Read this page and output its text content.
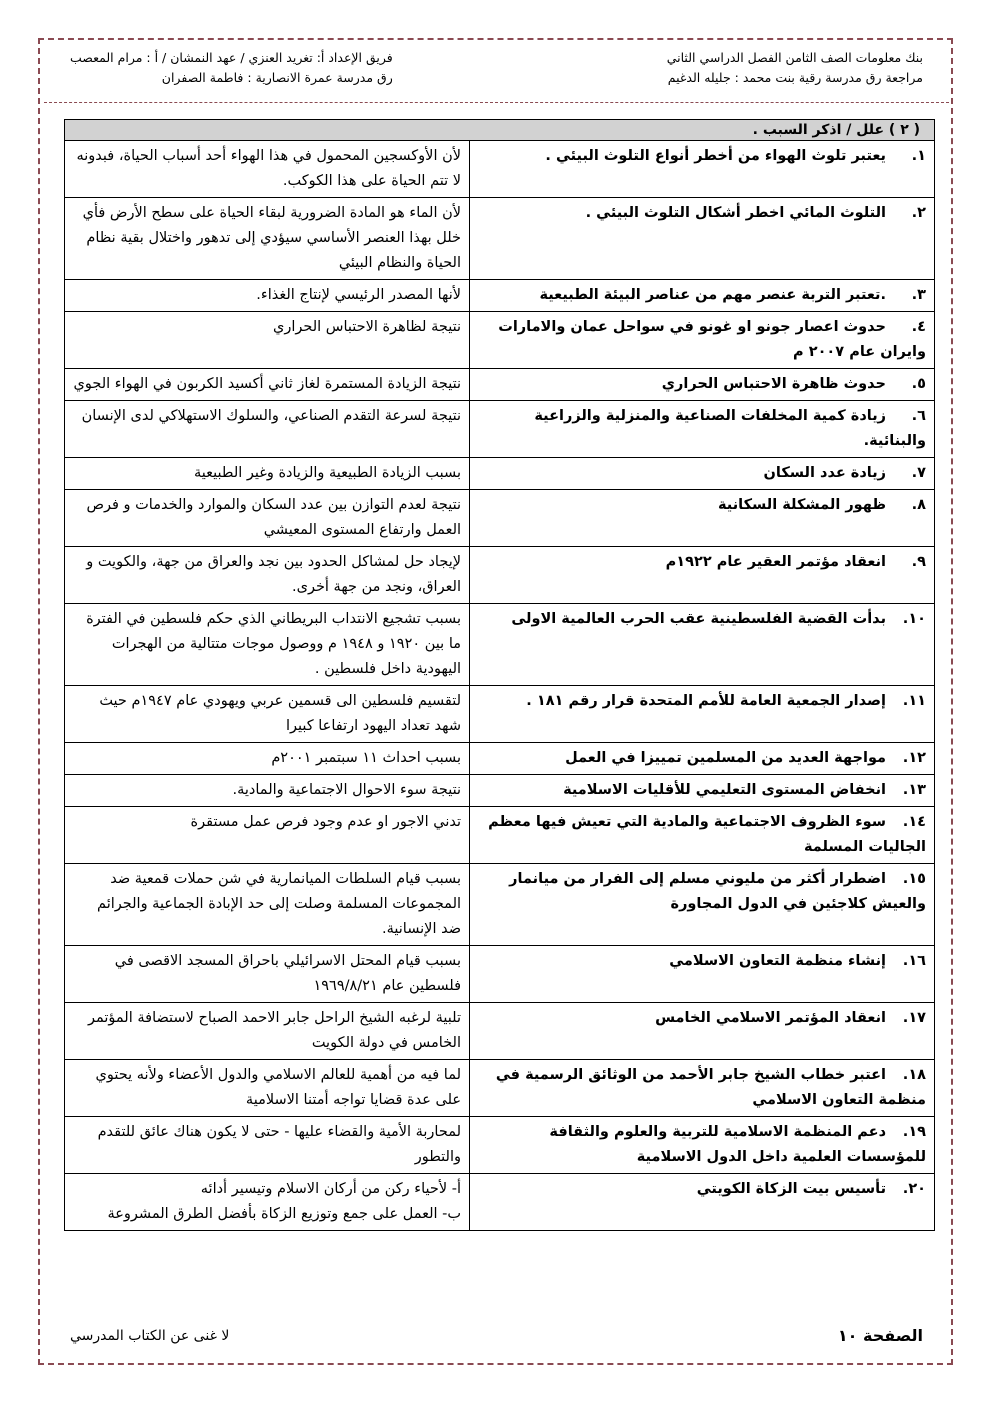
بنك معلومات الصف الثامن الفصل الدراسي الثاني
مراجعة رق مدرسة رقية بنت محمد : جليله الدغيم
فريق الإعداد أ: تغريد العنزي / عهد النمشان / أ : مرام المعصب
رق مدرسة عمرة الانصارية : فاطمة الصفران
( ٢ ) علل / اذكر السبب .	
١.يعتبر تلوث الهواء من أخطر أنواع التلوث البيئي .	لأن الأوكسجين المحمول في هذا الهواء أحد أسباب الحياة، فبدونه لا تتم الحياة على هذا الكوكب.
٢.التلوث المائي اخطر أشكال التلوث البيئي .	لأن الماء هو المادة الضرورية لبقاء الحياة على سطح الأرض فأي خلل بهذا العنصر الأساسي سيؤدي إلى تدهور واختلال بقية نظام الحياة والنظام البيئي
٣..تعتبر التربة عنصر مهم من عناصر البيئة الطبيعية	لأنها المصدر الرئيسي لإنتاج الغذاء.
٤.حدوث اعصار جونو او غونو في سواحل عمان والامارات وايران عام ٢٠٠٧ م	نتيجة لظاهرة الاحتباس الحراري
٥.حدوث ظاهرة الاحتباس الحراري	نتيجة الزيادة المستمرة لغاز ثاني أكسيد الكربون في الهواء الجوي
٦.زيادة كمية المخلفات الصناعية والمنزلية والزراعية والبنائية.	نتيجة لسرعة التقدم الصناعي، والسلوك الاستهلاكي لدى الإنسان
٧.زيادة عدد السكان	بسبب الزيادة الطبيعية والزيادة وغير الطبيعية
٨.ظهور المشكلة السكانية	نتيجة لعدم التوازن بين عدد السكان والموارد والخدمات و فرص العمل وارتفاع المستوى المعيشي
٩.انعقاد مؤتمر العقير عام ١٩٢٢م	لإيجاد حل لمشاكل الحدود بين نجد والعراق من جهة، والكويت و العراق، ونجد من جهة أخرى.
١٠.بدأت القضية الفلسطينية عقب الحرب العالمية الاولى	بسبب تشجيع الانتداب البريطاني الذي حكم فلسطين في الفترة ما بين ١٩٢٠ و ١٩٤٨ م ووصول موجات متتالية من الهجرات اليهودية داخل فلسطين .
١١.إصدار الجمعية العامة للأمم المتحدة قرار رقم ١٨١ .	لتقسيم فلسطين الى قسمين عربي ويهودي عام ١٩٤٧م حيث شهد تعداد اليهود ارتفاعا كبيرا
١٢.مواجهة العديد من المسلمين تمييزا في العمل	بسبب احداث ١١ سبتمبر ٢٠٠١م
١٣.انخفاض المستوى التعليمي للأقليات الاسلامية	نتيجة سوء الاحوال الاجتماعية والمادية.
١٤.سوء الظروف الاجتماعية والمادية التي تعيش فيها معظم الجاليات المسلمة	تدني الاجور او عدم وجود فرص عمل مستقرة
١٥.اضطرار أكثر من مليوني مسلم إلى الفرار من ميانمار والعيش كلاجئين في الدول المجاورة	بسبب قيام السلطات الميانمارية في شن حملات قمعية ضد المجموعات المسلمة وصلت إلى حد الإبادة الجماعية والجرائم ضد الإنسانية.
١٦.إنشاء منظمة التعاون الاسلامي	بسبب قيام المحتل الاسرائيلي باحراق المسجد الاقصى في فلسطين عام ١٩٦٩/٨/٢١
١٧.انعقاد المؤتمر الاسلامي الخامس	تلبية لرغبه الشيخ الراحل جابر الاحمد الصباح لاستضافة المؤتمر الخامس في دولة الكويت
١٨.اعتبر خطاب الشيخ جابر الأحمد من الوثائق الرسمية في منظمة التعاون الاسلامي	لما فيه من أهمية للعالم الاسلامي والدول الأعضاء ولأنه يحتوي على عدة قضايا تواجه أمتنا الاسلامية
١٩.دعم المنظمة الاسلامية للتربية والعلوم والثقافة للمؤسسات العلمية داخل الدول الاسلامية	لمحاربة الأمية والقضاء عليها - حتى لا يكون هناك عائق للتقدم والتطور
٢٠.تأسيس بيت الزكاة الكويتي	أ- لأحياء ركن من أركان الاسلام وتيسير أدائه
ب- العمل على جمع وتوزيع الزكاة بأفضل الطرق المشروعة
الصفحة ١٠
لا غنى عن الكتاب المدرسي
